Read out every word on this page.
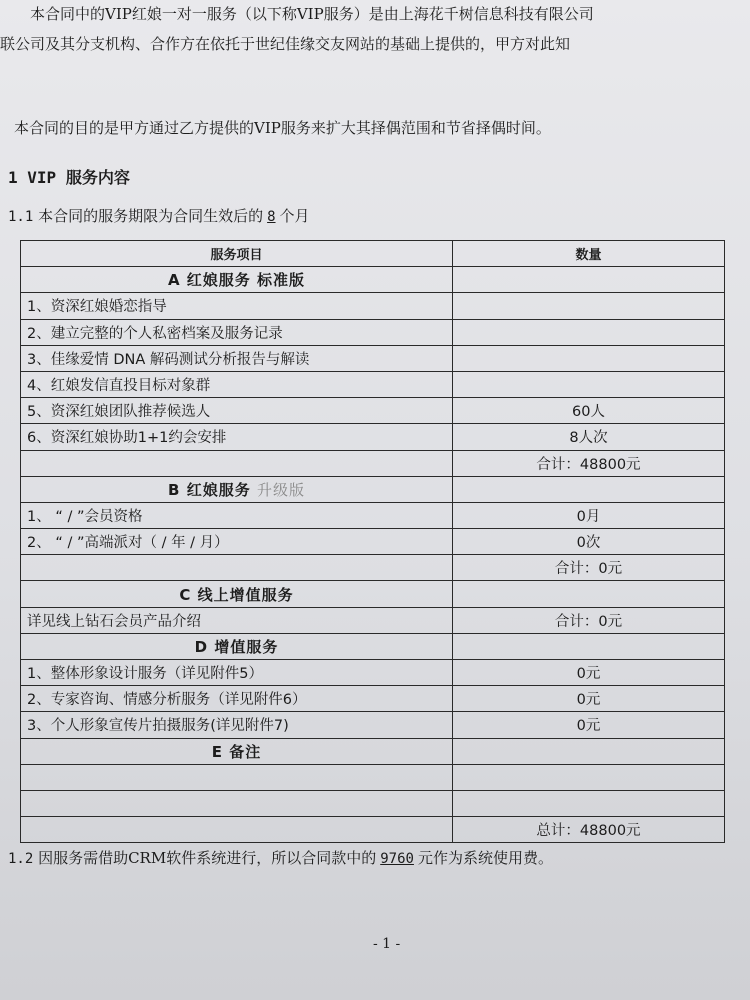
本合同中的VIP红娘一对一服务（以下称VIP服务）是由上海花千树信息科技有限公司
联公司及其分支机构、合作方在依托于世纪佳缘交友网站的基础上提供的，甲方对此知
本合同的目的是甲方通过乙方提供的VIP服务来扩大其择偶范围和节省择偶时间。
1 VIP 服务内容
1.1 本合同的服务期限为合同生效后的 8 个月
服务项目	数量
A 红娘服务 标准版	
1、资深红娘婚恋指导	
2、建立完整的个人私密档案及服务记录	
3、佳缘爱情 DNA 解码测试分析报告与解读	
4、红娘发信直投目标对象群	
5、资深红娘团队推荐候选人	60人
6、资深红娘协助1+1约会安排	8人次
	合计：48800元
B 红娘服务 升级版	
1、 “ / ”会员资格	0月
2、 “ / ”高端派对（ / 年 / 月）	0次
	合计：0元
C 线上增值服务	
详见线上钻石会员产品介绍	合计：0元
D 增值服务	
1、整体形象设计服务（详见附件5）	0元
2、专家咨询、情感分析服务（详见附件6）	0元
3、个人形象宣传片拍摄服务(详见附件7)	0元
E 备注	

	总计：48800元
1.2 因服务需借助CRM软件系统进行，所以合同款中的 9760 元作为系统使用费。
- 1 -
